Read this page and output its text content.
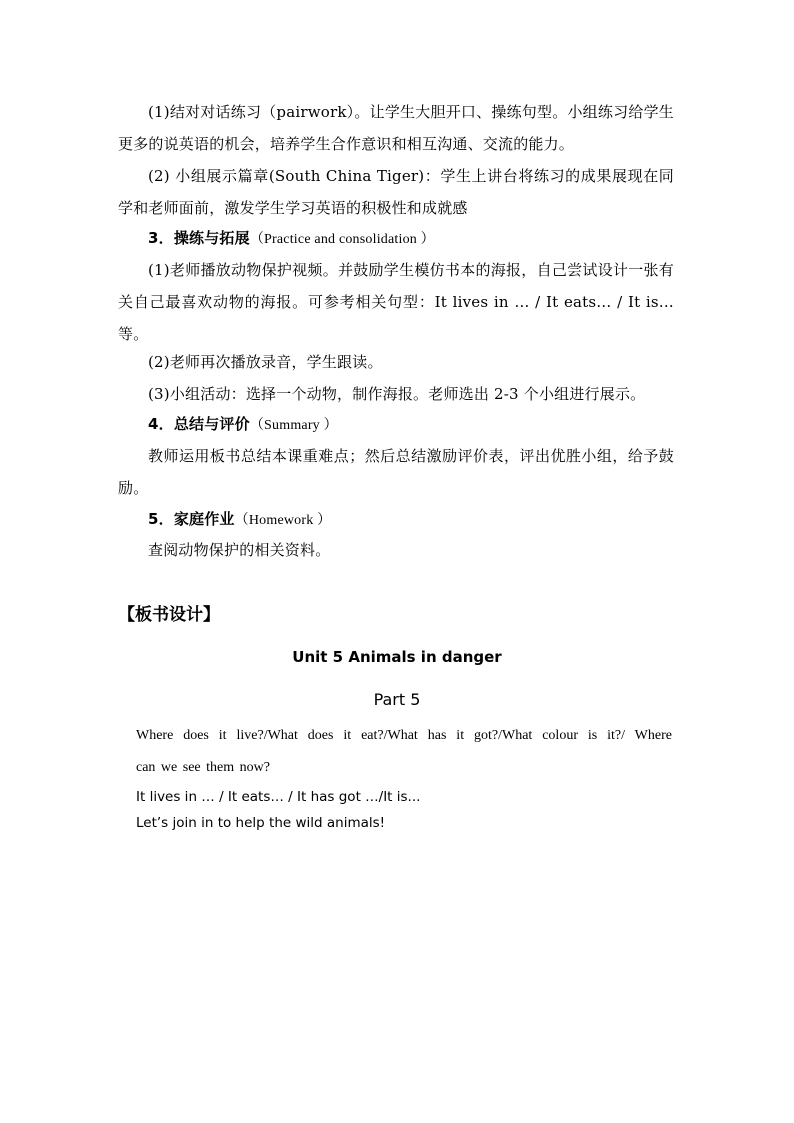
(1)结对对话练习（pairwork）。让学生大胆开口、操练句型。小组练习给学生更多的说英语的机会，培养学生合作意识和相互沟通、交流的能力。

(2) 小组展示篇章(South China Tiger)：学生上讲台将练习的成果展现在同学和老师面前，激发学生学习英语的积极性和成就感

3．操练与拓展（Practice and consolidation ）

(1)老师播放动物保护视频。并鼓励学生模仿书本的海报，自己尝试设计一张有关自己最喜欢动物的海报。可参考相关句型：It lives in … / It eats… / It is…等。

(2)老师再次播放录音，学生跟读。

(3)小组活动：选择一个动物，制作海报。老师选出 2-3 个小组进行展示。

4．总结与评价（Summary ）

教师运用板书总结本课重难点；然后总结激励评价表，评出优胜小组，给予鼓励。

5．家庭作业（Homework ）

查阅动物保护的相关资料。

【板书设计】

Unit 5 Animals in danger

Part 5

Where does it live?/What does it eat?/What has it got?/What colour is it?/ Where

can we see them now?

It lives in … / It eats… / It has got …/It is...

Let’s join in to help the wild animals!
